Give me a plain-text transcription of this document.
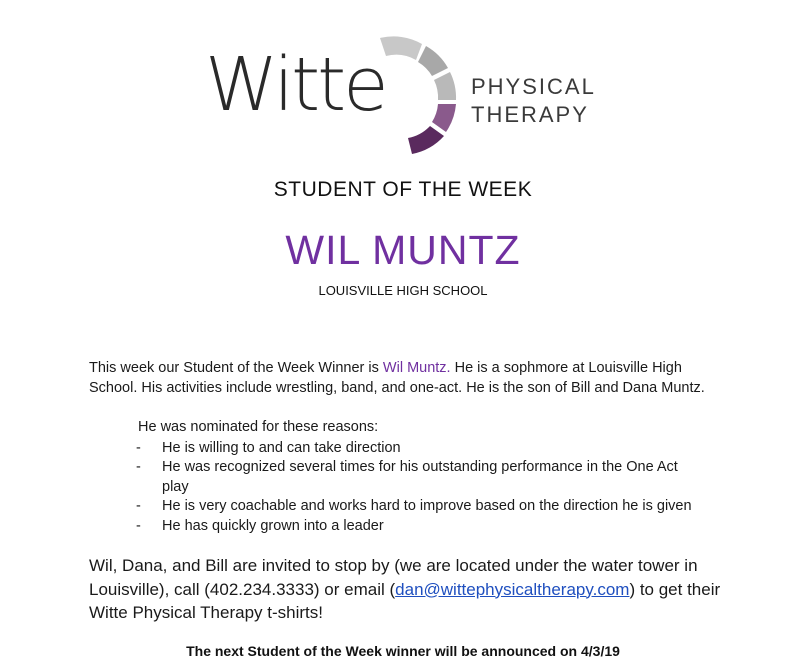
Witte	PHYSICAL
THERAPY
STUDENT OF THE WEEK
WIL MUNTZ
LOUISVILLE HIGH SCHOOL
This week our Student of the Week Winner is Wil Muntz. He is a sophmore at Louisville High School. His activities include wrestling, band, and one-act. He is the son of Bill and Dana Muntz.
He was nominated for these reasons:
- He is willing to and can take direction
- He was recognized several times for his outstanding performance in the One Act play
- He is very coachable and works hard to improve based on the direction he is given
- He has quickly grown into a leader
Wil, Dana, and Bill are invited to stop by (we are located under the water tower in Louisville), call (402.234.3333) or email (dan@wittephysicaltherapy.com) to get their Witte Physical Therapy t-shirts!
The next Student of the Week winner will be announced on 4/3/19
